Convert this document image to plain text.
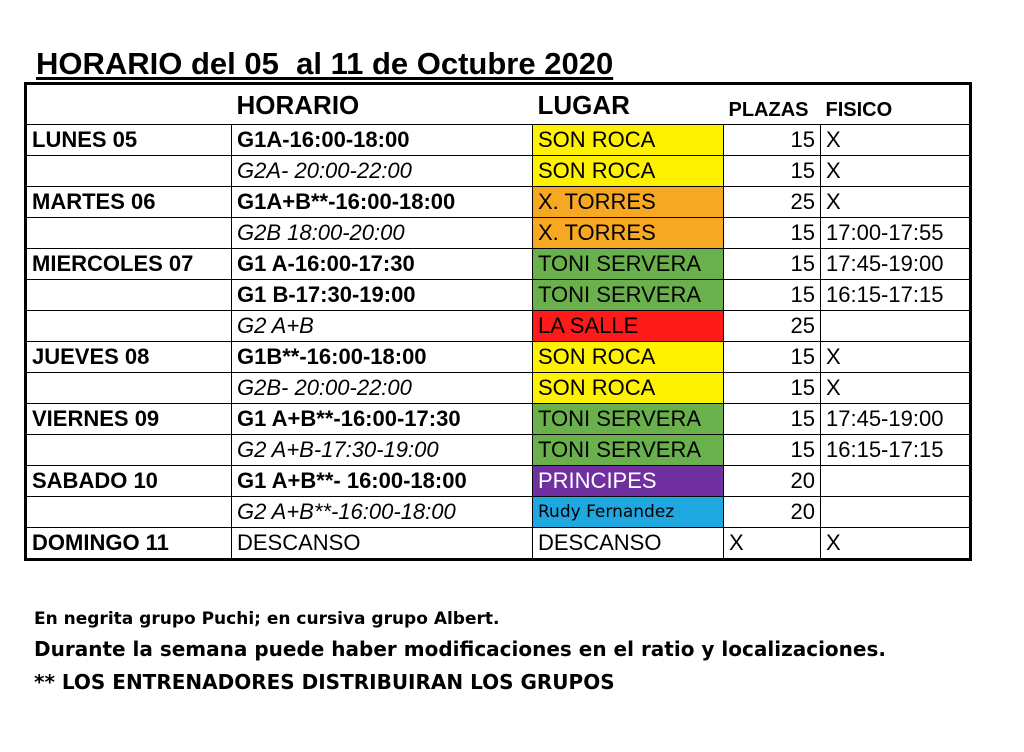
HORARIO del 05  al 11 de Octubre 2020
	HORARIO	LUGAR	PLAZAS	FISICO
LUNES 05	G1A-16:00-18:00	SON ROCA	15	X
	G2A- 20:00-22:00	SON ROCA	15	X
MARTES 06	G1A+B**-16:00-18:00	X. TORRES	25	X
	G2B 18:00-20:00	X. TORRES	15	17:00-17:55
MIERCOLES 07	G1 A-16:00-17:30	TONI SERVERA	15	17:45-19:00
	G1 B-17:30-19:00	TONI SERVERA	15	16:15-17:15
	G2 A+B	LA SALLE	25	
JUEVES 08	G1B**-16:00-18:00	SON ROCA	15	X
	G2B- 20:00-22:00	SON ROCA	15	X
VIERNES 09	G1 A+B**-16:00-17:30	TONI SERVERA	15	17:45-19:00
	G2 A+B-17:30-19:00	TONI SERVERA	15	16:15-17:15
SABADO 10	G1 A+B**- 16:00-18:00	PRINCIPES	20	
	G2 A+B**-16:00-18:00	Rudy Fernandez	20	
DOMINGO 11	DESCANSO	DESCANSO	X	X
En negrita grupo Puchi; en cursiva grupo Albert.
Durante la semana puede haber modificaciones en el ratio y localizaciones.
** LOS ENTRENADORES DISTRIBUIRAN LOS GRUPOS
